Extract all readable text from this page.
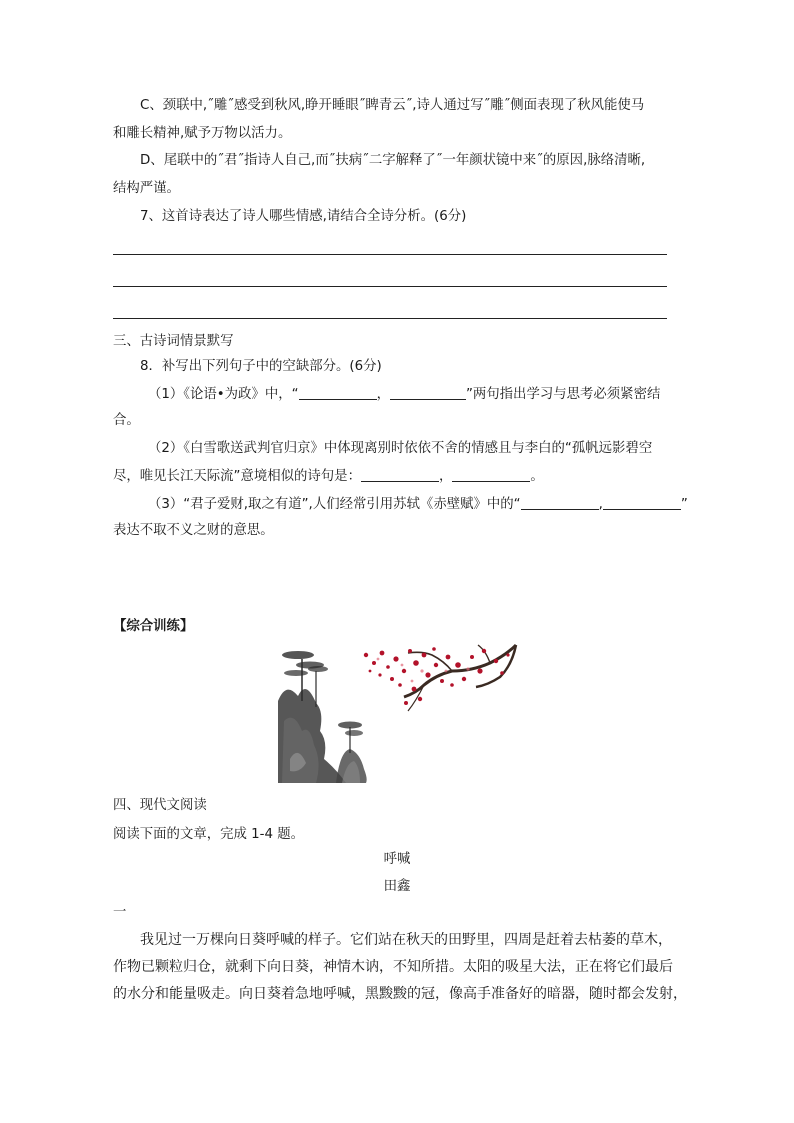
C、颈联中,˝雕˝感受到秋风,睁开睡眼˝睥青云˝,诗人通过写˝雕˝侧面表现了秋风能使马
和雕长精神,赋予万物以活力。
D、尾联中的˝君˝指诗人自己,而˝扶病˝二字解释了˝一年颜状镜中来˝的原因,脉络清晰,
结构严谨。
7、这首诗表达了诗人哪些情感,请结合全诗分析。(6分)
三、古诗词情景默写
8．补写出下列句子中的空缺部分。(6分)
（1）《论语•为政》中，“	，	”两句指出学习与思考必须紧密结
合。
（2）《白雪歌送武判官归京》中体现离别时依依不舍的情感且与李白的“孤帆远影碧空
尽，唯见长江天际流”意境相似的诗句是：	，	。
（3）“君子爱财,取之有道”,人们经常引用苏轼《赤壁赋》中的“	,	”
表达不取不义之财的意思。
【综合训练】
四、现代文阅读
阅读下面的文章，完成 1-4 题。
呼喊
田鑫
一
我见过一万棵向日葵呼喊的样子。它们站在秋天的田野里，四周是赶着去枯萎的草木，
作物已颗粒归仓，就剩下向日葵，神情木讷，不知所措。太阳的吸星大法，正在将它们最后
的水分和能量吸走。向日葵着急地呼喊，黑黢黢的冠，像高手准备好的暗器，随时都会发射，
